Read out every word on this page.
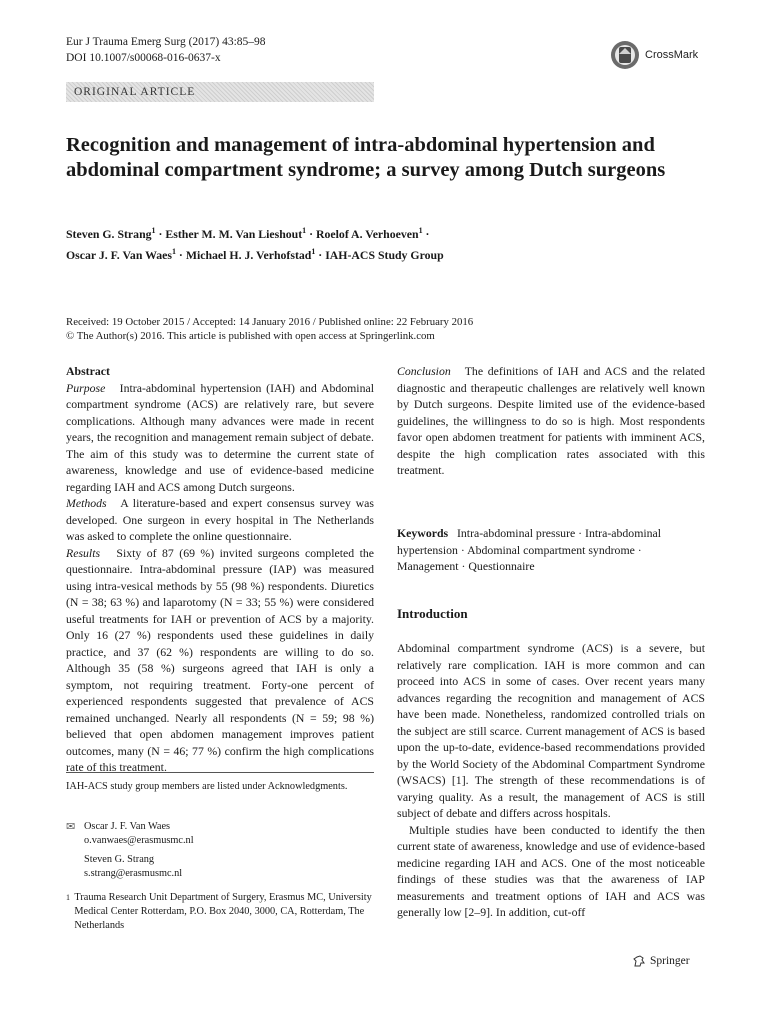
Eur J Trauma Emerg Surg (2017) 43:85–98
DOI 10.1007/s00068-016-0637-x	CrossMark
ORIGINAL ARTICLE
Recognition and management of intra-abdominal hypertension and abdominal compartment syndrome; a survey among Dutch surgeons
Steven G. Strang$^1$ · Esther M. M. Van Lieshout$^1$ · Roelof A. Verhoeven$^1$ ·
Oscar J. F. Van Waes$^1$ · Michael H. J. Verhofstad$^1$ · IAH-ACS Study Group
Received: 19 October 2015 / Accepted: 14 January 2016 / Published online: 22 February 2016
© The Author(s) 2016. This article is published with open access at Springerlink.com

Abstract

Purpose Intra-abdominal hypertension (IAH) and Abdominal compartment syndrome (ACS) are relatively rare, but severe complications. Although many advances were made in recent years, the recognition and management remain subject of debate. The aim of this study was to determine the current state of awareness, knowledge and use of evidence-based medicine regarding IAH and ACS among Dutch surgeons.

Methods A literature-based and expert consensus survey was developed. One surgeon in every hospital in The Netherlands was asked to complete the online questionnaire.

Results Sixty of 87 (69 %) invited surgeons completed the questionnaire. Intra-abdominal pressure (IAP) was measured using intra-vesical methods by 55 (98 %) respondents. Diuretics (N = 38; 63 %) and laparotomy (N = 33; 55 %) were considered useful treatments for IAH or prevention of ACS by a majority. Only 16 (27 %) respondents used these guidelines in daily practice, and 37 (62 %) respondents are willing to do so. Although 35 (58 %) surgeons agreed that IAH is only a symptom, not requiring treatment. Forty-one percent of experienced respondents suggested that prevalence of ACS remained unchanged. Nearly all respondents (N = 59; 98 %) believed that open abdomen management improves patient outcomes, many (N = 46; 77 %) confirm the high complications rate of this treatment.

Conclusion The definitions of IAH and ACS and the related diagnostic and therapeutic challenges are relatively well known by Dutch surgeons. Despite limited use of the evidence-based guidelines, the willingness to do so is high. Most respondents favor open abdomen treatment for patients with imminent ACS, despite the high complication rates associated with this treatment.

Keywords Intra-abdominal pressure · Intra-abdominal hypertension · Abdominal compartment syndrome · Management · Questionnaire
Introduction

Abdominal compartment syndrome (ACS) is a severe, but relatively rare complication. IAH is more common and can proceed into ACS in some of cases. Over recent years many advances regarding the recognition and management of ACS have been made. Nonetheless, randomized controlled trials on the subject are still scarce. Current management of ACS is based upon the up-to-date, evidence-based recommendations provided by the World Society of the Abdominal Compartment Syndrome (WSACS) [1]. The strength of these recommendations is of varying quality. As a result, the management of ACS is still subject of debate and differs across hospitals.

Multiple studies have been conducted to identify the then current state of awareness, knowledge and use of evidence-based medicine regarding IAH and ACS. One of the most noticeable findings of these studies was that the awareness of IAP measurements and treatment options of IAH and ACS was generally low [2–9]. In addition, cut-off

IAH-ACS study group members are listed under Acknowledgments.
✉ Oscar J. F. Van Waes
o.vanwaes@erasmusmc.nl
Steven G. Strang
s.strang@erasmusmc.nl
1 Trauma Research Unit Department of Surgery, Erasmus MC, University Medical Center Rotterdam, P.O. Box 2040, 3000, CA, Rotterdam, The Netherlands
Springer
